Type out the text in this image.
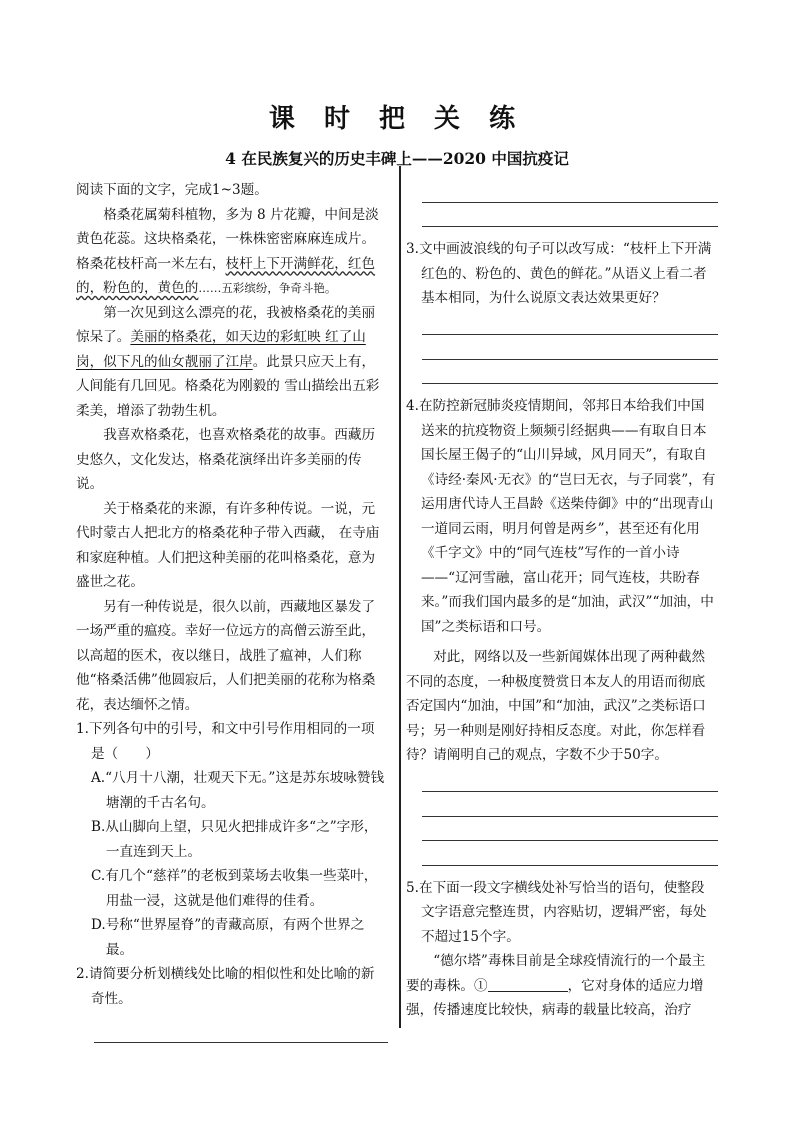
课 时 把 关 练
4 在民族复兴的历史丰碑上——2020 中国抗疫记

阅读下面的文字，完成1~3题。

格桑花属菊科植物，多为 8 片花瓣，中间是淡黄色花蕊。这块格桑花，一株株密密麻麻连成片。格桑花枝杆高一米左右，枝杆上下开满鲜花，红色的，粉色的，黄色的……五彩缤纷，争奇斗艳。

第一次见到这么漂亮的花，我被格桑花的美丽惊呆了。美丽的格桑花，如天边的彩虹映 红了山岗，似下凡的仙女靓丽了江岸。此景只应天上有，人间能有几回见。格桑花为刚毅的 雪山描绘出五彩柔美，增添了勃勃生机。

我喜欢格桑花，也喜欢格桑花的故事。西藏历史悠久，文化发达，格桑花演绎出许多美丽的传说。

关于格桑花的来源，有许多种传说。一说，元代时蒙古人把北方的格桑花种子带入西藏， 在寺庙和家庭种植。人们把这种美丽的花叫格桑花，意为盛世之花。

另有一种传说是，很久以前，西藏地区暴发了一场严重的瘟疫。幸好一位远方的高僧云游至此，以高超的医术，夜以继日，战胜了瘟神，人们称他“格桑活佛”他圆寂后，人们把美丽的花称为格桑花，表达缅怀之情。

1.下列各句中的引号，和文中引号作用相同的一项是（　　）

A.“八月十八潮，壮观天下无。”这是苏东坡咏赞钱塘潮的千古名句。

B.从山脚向上望，只见火把排成许多“之”字形，一直连到天上。

C.有几个“慈祥”的老板到菜场去收集一些菜叶，用盐一浸，这就是他们难得的佳肴。

D.号称“世界屋脊”的青藏高原，有两个世界之最。

2.请简要分析划横线处比喻的相似性和处比喻的新奇性。

3.文中画波浪线的句子可以改写成：“枝杆上下开满红色的、粉色的、黄色的鲜花。”从语义上看二者基本相同，为什么说原文表达效果更好？

4.在防控新冠肺炎疫情期间，邻邦日本给我们中国送来的抗疫物资上频频引经据典——有取自日本国长屋王偈子的“山川异域，风月同天”，有取自《诗经·秦风·无衣》的“岂曰无衣，与子同裳”，有运用唐代诗人王昌龄《送柴侍御》中的“出现青山一道同云雨，明月何曾是两乡”，甚至还有化用《千字文》中的“同气连枝”写作的一首小诗——“辽河雪融，富山花开；同气连枝，共盼春来。”而我们国内最多的是“加油，武汉”“加油，中国”之类标语和口号。

对此，网络以及一些新闻媒体出现了两种截然不同的态度，一种极度赞赏日本友人的用语而彻底否定国内“加油，中国”和“加油，武汉”之类标语口号；另一种则是刚好持相反态度。对此，你怎样看待？请阐明自己的观点，字数不少于50字。

5.在下面一段文字横线处补写恰当的语句，使整段文字语意完整连贯，内容贴切，逻辑严密，每处不超过15个字。

“德尔塔”毒株目前是全球疫情流行的一个最主要的毒株。①	，它对身体的适应力增强，传播速度比较快，病毒的载量比较高，治疗
